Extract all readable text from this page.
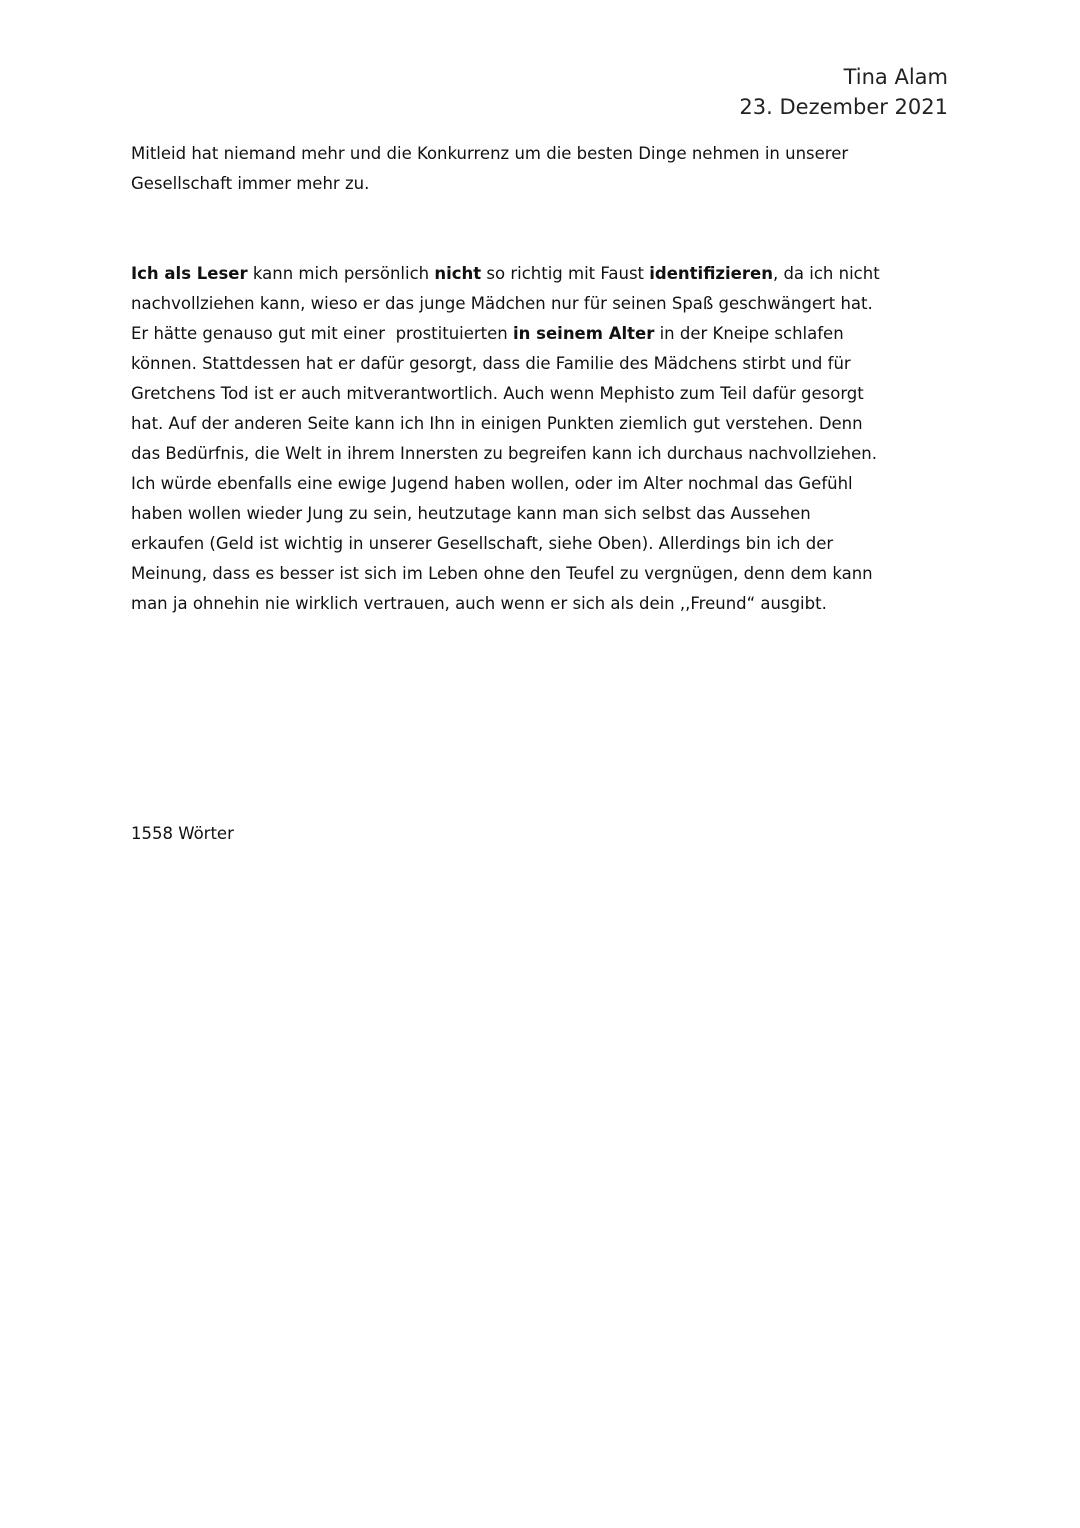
Tina Alam
23. Dezember 2021
Mitleid hat niemand mehr und die Konkurrenz um die besten Dinge nehmen in unserer
Gesellschaft immer mehr zu.
Ich als Leser kann mich persönlich nicht so richtig mit Faust identifizieren, da ich nicht
nachvollziehen kann, wieso er das junge Mädchen nur für seinen Spaß geschwängert hat.
Er hätte genauso gut mit einer  prostituierten in seinem Alter in der Kneipe schlafen
können. Stattdessen hat er dafür gesorgt, dass die Familie des Mädchens stirbt und für
Gretchens Tod ist er auch mitverantwortlich. Auch wenn Mephisto zum Teil dafür gesorgt
hat. Auf der anderen Seite kann ich Ihn in einigen Punkten ziemlich gut verstehen. Denn
das Bedürfnis, die Welt in ihrem Innersten zu begreifen kann ich durchaus nachvollziehen.
Ich würde ebenfalls eine ewige Jugend haben wollen, oder im Alter nochmal das Gefühl
haben wollen wieder Jung zu sein, heutzutage kann man sich selbst das Aussehen
erkaufen (Geld ist wichtig in unserer Gesellschaft, siehe Oben). Allerdings bin ich der
Meinung, dass es besser ist sich im Leben ohne den Teufel zu vergnügen, denn dem kann
man ja ohnehin nie wirklich vertrauen, auch wenn er sich als dein ,,Freund“ ausgibt.
1558 Wörter
